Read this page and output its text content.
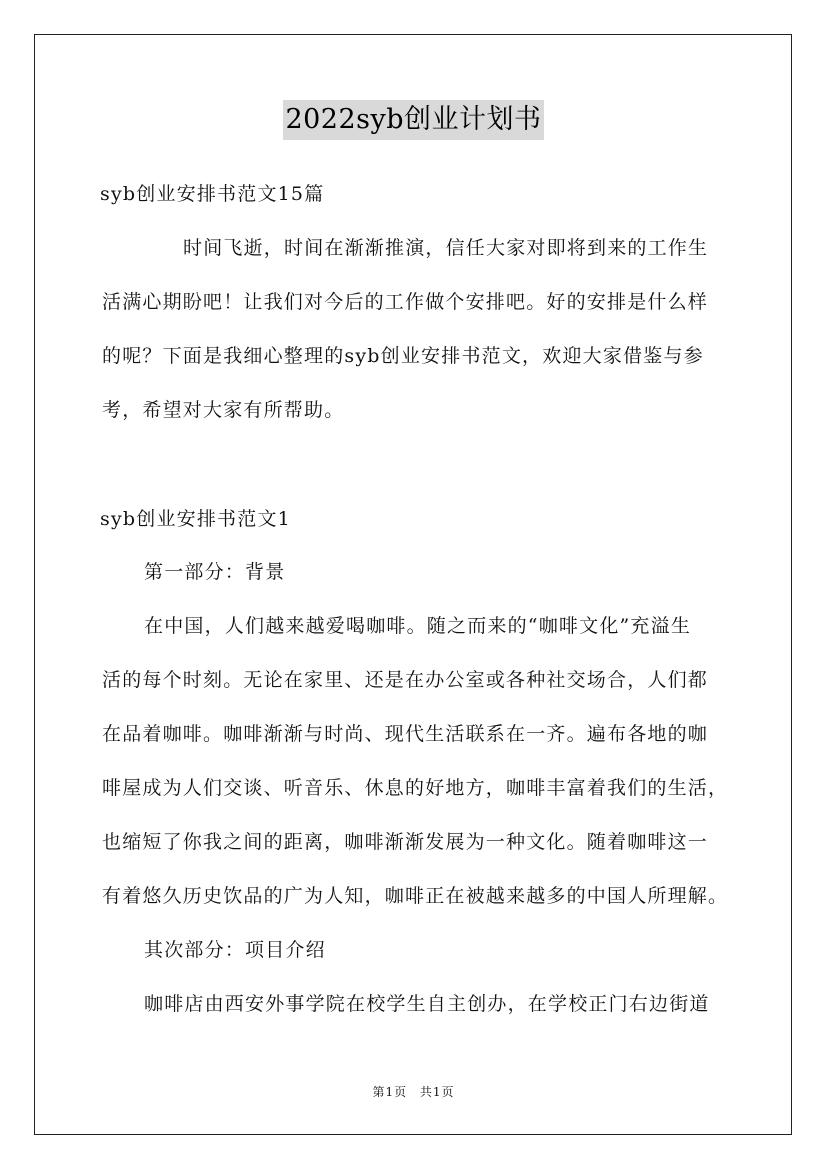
2022syb创业计划书
syb创业安排书范文15篇
时间飞逝，时间在渐渐推演，信任大家对即将到来的工作生
活满心期盼吧！让我们对今后的工作做个安排吧。好的安排是什么样
的呢？下面是我细心整理的syb创业安排书范文，欢迎大家借鉴与参
考，希望对大家有所帮助。
syb创业安排书范文1
第一部分：背景
在中国，人们越来越爱喝咖啡。随之而来的“咖啡文化”充溢生
活的每个时刻。无论在家里、还是在办公室或各种社交场合，人们都
在品着咖啡。咖啡渐渐与时尚、现代生活联系在一齐。遍布各地的咖
啡屋成为人们交谈、听音乐、休息的好地方，咖啡丰富着我们的生活，
也缩短了你我之间的距离，咖啡渐渐发展为一种文化。随着咖啡这一
有着悠久历史饮品的广为人知，咖啡正在被越来越多的中国人所理解。
其次部分：项目介绍
咖啡店由西安外事学院在校学生自主创办，在学校正门右边街道
第1页 共1页
